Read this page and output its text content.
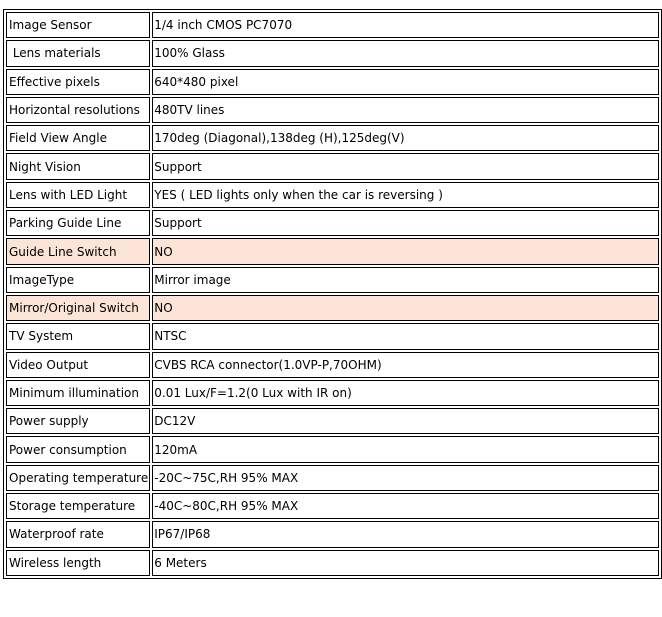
Image Sensor	1/4 inch CMOS PC7070
Lens materials	100% Glass
Effective pixels	640*480 pixel
Horizontal resolutions	480TV lines
Field View Angle	170deg (Diagonal),138deg (H),125deg(V)
Night Vision	Support
Lens with LED Light	YES ( LED lights only when the car is reversing )
Parking Guide Line	Support
Guide Line Switch	NO
ImageType	Mirror image
Mirror/Original Switch	NO
TV System	NTSC
Video Output	CVBS RCA connector(1.0VP-P,70OHM)
Minimum illumination	0.01 Lux/F=1.2(0 Lux with IR on)
Power supply	DC12V
Power consumption	120mA
Operating temperature	-20C~75C,RH 95% MAX
Storage temperature	-40C~80C,RH 95% MAX
Waterproof rate	IP67/IP68
Wireless length	6 Meters
